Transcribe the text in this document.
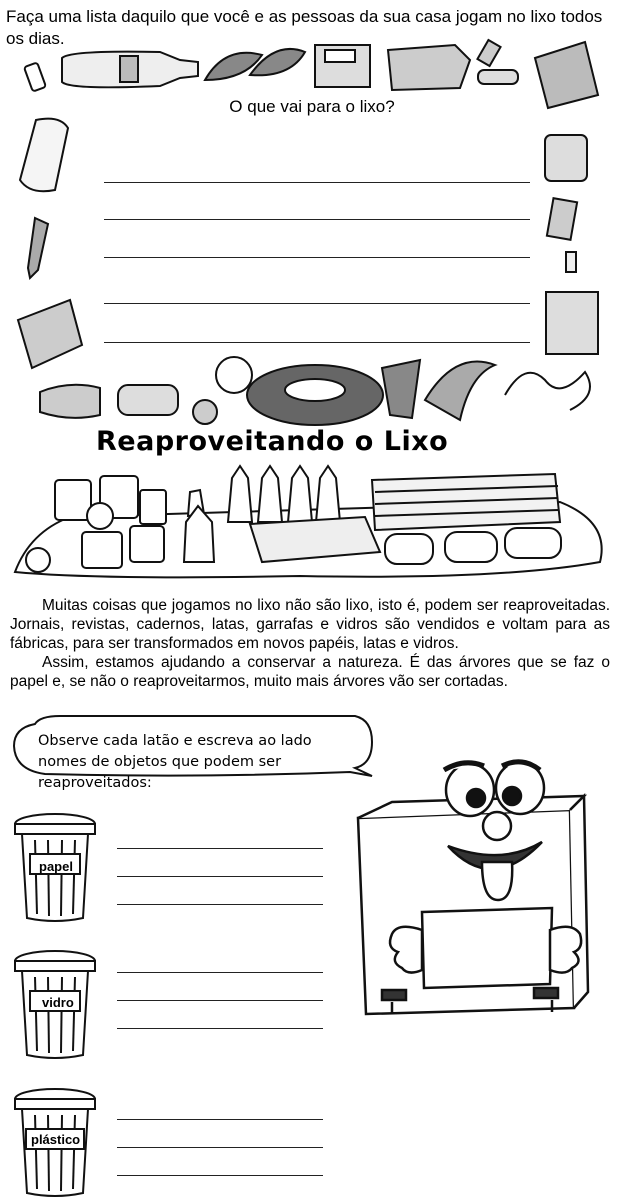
Faça uma lista daquilo que você e as pessoas da sua casa jogam no lixo todos os dias.
O que vai para o lixo?
Reaproveitando o Lixo

Muitas coisas que jogamos no lixo não são lixo, isto é, podem ser reaproveitadas. Jornais, revistas, cadernos, latas, garrafas e vidros são vendidos e voltam para as fábricas, para ser transformados em novos papéis, latas e vidros.

Assim, estamos ajudando a conservar a natureza. É das árvores que se faz o papel e, se não o reaproveitarmos, muito mais árvores vão ser cortadas.

Observe cada latão e escreva ao lado nomes de objetos que podem ser reaproveitados:
papel
vidro
plástico
